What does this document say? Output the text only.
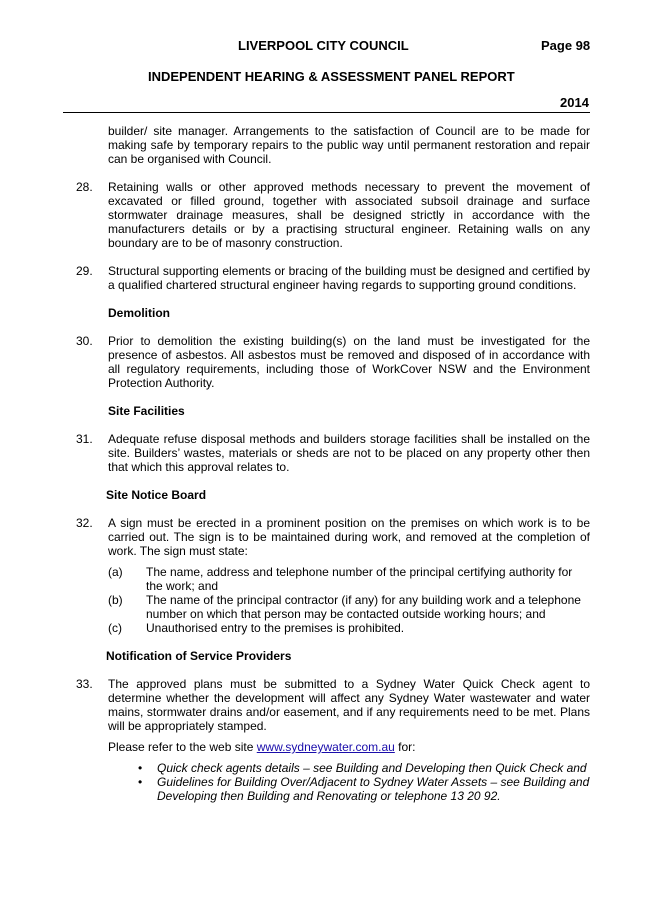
LIVERPOOL CITY COUNCIL	Page 98
INDEPENDENT HEARING & ASSESSMENT PANEL REPORT
2014

builder/ site manager. Arrangements to the satisfaction of Council are to be made for making safe by temporary repairs to the public way until permanent restoration and repair can be organised with Council.

28. Retaining walls or other approved methods necessary to prevent the movement of excavated or filled ground, together with associated subsoil drainage and surface stormwater drainage measures, shall be designed strictly in accordance with the manufacturers details or by a practising structural engineer. Retaining walls on any boundary are to be of masonry construction.
29. Structural supporting elements or bracing of the building must be designed and certified by a qualified chartered structural engineer having regards to supporting ground conditions.
Demolition
30. Prior to demolition the existing building(s) on the land must be investigated for the presence of asbestos. All asbestos must be removed and disposed of in accordance with all regulatory requirements, including those of WorkCover NSW and the Environment Protection Authority.
Site Facilities
31. Adequate refuse disposal methods and builders storage facilities shall be installed on the site. Builders’ wastes, materials or sheds are not to be placed on any property other then that which this approval relates to.
Site Notice Board
32. A sign must be erected in a prominent position on the premises on which work is to be carried out. The sign is to be maintained during work, and removed at the completion of work. The sign must state:
(a) The name, address and telephone number of the principal certifying authority for the work; and
(b) The name of the principal contractor (if any) for any building work and a telephone number on which that person may be contacted outside working hours; and
(c) Unauthorised entry to the premises is prohibited.
Notification of Service Providers
33. The approved plans must be submitted to a Sydney Water Quick Check agent to determine whether the development will affect any Sydney Water wastewater and water mains, stormwater drains and/or easement, and if any requirements need to be met. Plans will be appropriately stamped.
Please refer to the web site www.sydneywater.com.au for:
• Quick check agents details – see Building and Developing then Quick Check and
• Guidelines for Building Over/Adjacent to Sydney Water Assets – see Building and Developing then Building and Renovating or telephone 13 20 92.
